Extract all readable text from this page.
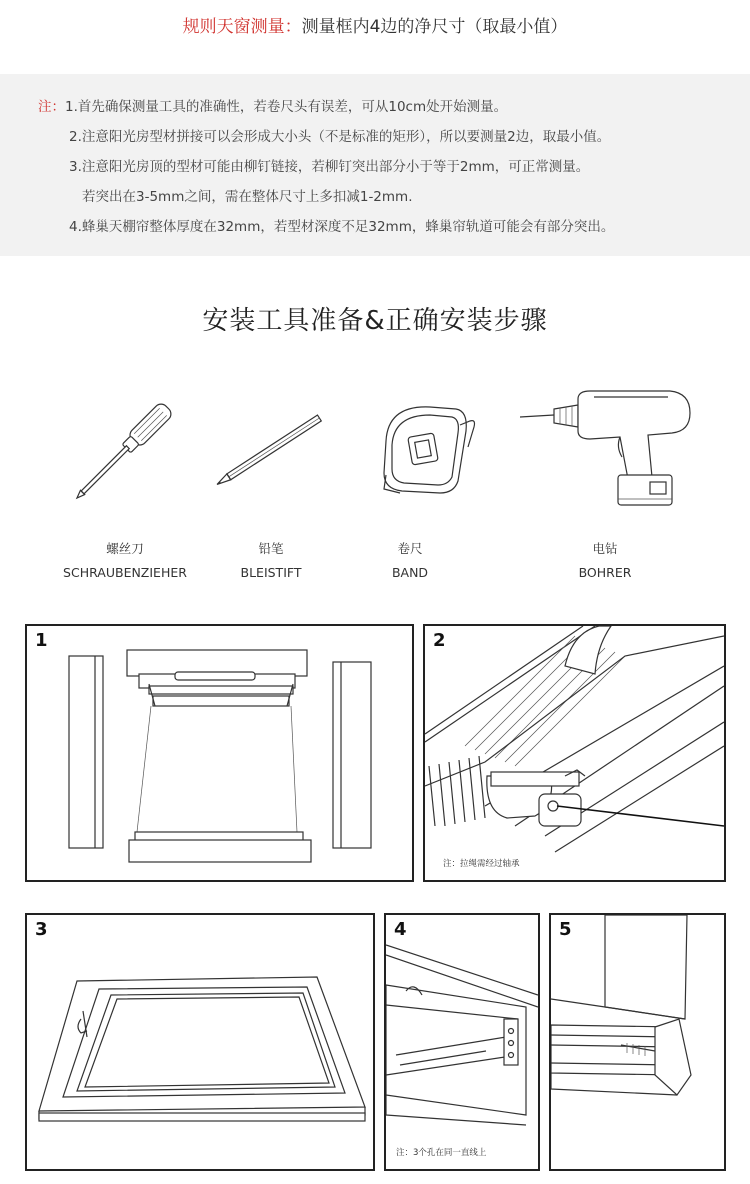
规则天窗测量：测量框内4边的净尺寸（取最小值）
注：1.首先确保测量工具的准确性，若卷尺头有误差，可从10cm处开始测量。
2.注意阳光房型材拼接可以会形成大小头（不是标准的矩形），所以要测量2边，取最小值。
3.注意阳光房顶的型材可能由柳钉链接，若柳钉突出部分小于等于2mm，可正常测量。
若突出在3-5mm之间，需在整体尺寸上多扣减1-2mm.
4.蜂巢天棚帘整体厚度在32mm，若型材深度不足32mm，蜂巢帘轨道可能会有部分突出。
安装工具准备&正确安装步骤
螺丝刀
SCHRAUBENZIEHER
铅笔
BLEISTIFT
卷尺
BAND
电钻
BOHRER
1	2
注：拉绳需经过轴承
3	4
注：3个孔在同一直线上
5
